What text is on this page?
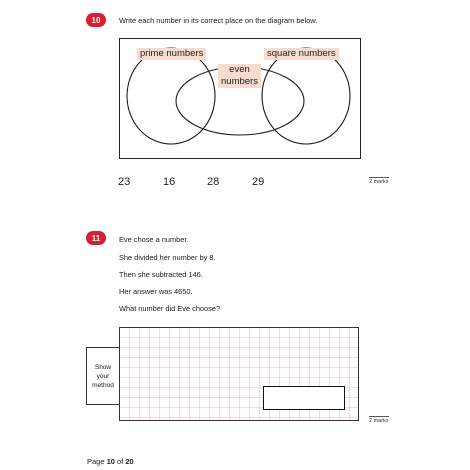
10	Write each number in its correct place on the diagram below.
prime numbers	square numbers
even
numbers
23	16	28	29	2 marks
11	Eve chose a number.
She divided her number by 8.
Then she subtracted 146.
Her answer was 4650.
What number did Eve choose?
Show
your
method
2 marks
Page 10 of 20
